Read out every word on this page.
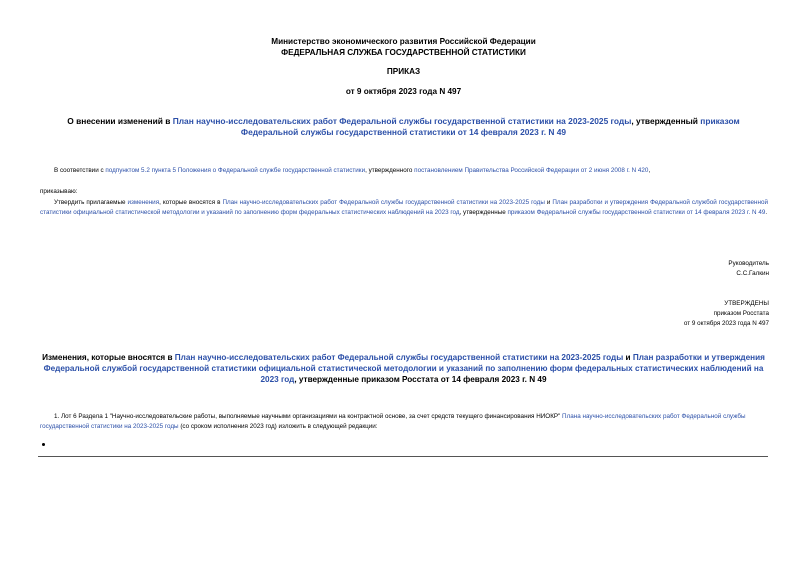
Министерство экономического развития Российской Федерации
ФЕДЕРАЛЬНАЯ СЛУЖБА ГОСУДАРСТВЕННОЙ СТАТИСТИКИ
ПРИКАЗ
от 9 октября 2023 года N 497
О внесении изменений в План научно-исследовательских работ Федеральной службы государственной статистики на 2023-2025 годы, утвержденный приказом
Федеральной службы государственной статистики от 14 февраля 2023 г. N 49
В соответствии с подпунктом 5.2 пункта 5 Положения о Федеральной службе государственной статистики, утвержденного постановлением Правительства Российской Федерации от 2 июня 2008 г. N 420,
приказываю:
Утвердить прилагаемые изменения, которые вносятся в План научно-исследовательских работ Федеральной службы государственной статистики на 2023-2025 годы и План разработки и утверждения Федеральной службой государственной статистики официальной статистической методологии и указаний по заполнению форм федеральных статистических наблюдений на 2023 год, утвержденные приказом Федеральной службы государственной статистики от 14 февраля 2023 г. N 49.
Руководитель
С.С.Галкин
УТВЕРЖДЕНЫ
приказом Росстата
от 9 октября 2023 года N 497
Изменения, которые вносятся в План научно-исследовательских работ Федеральной службы государственной статистики на 2023-2025 годы и План разработки и утверждения Федеральной службой государственной статистики официальной статистической методологии и указаний по заполнению форм федеральных статистических наблюдений на 2023 год, утвержденные приказом Росстата от 14 февраля 2023 г. N 49
1. Лот 6 Раздела 1 "Научно-исследовательские работы, выполняемые научными организациями на контрактной основе, за счет средств текущего финансирования НИОКР" Плана научно-исследовательских работ Федеральной службы государственной статистики на 2023-2025 годы (со сроком исполнения 2023 год) изложить в следующей редакции:
